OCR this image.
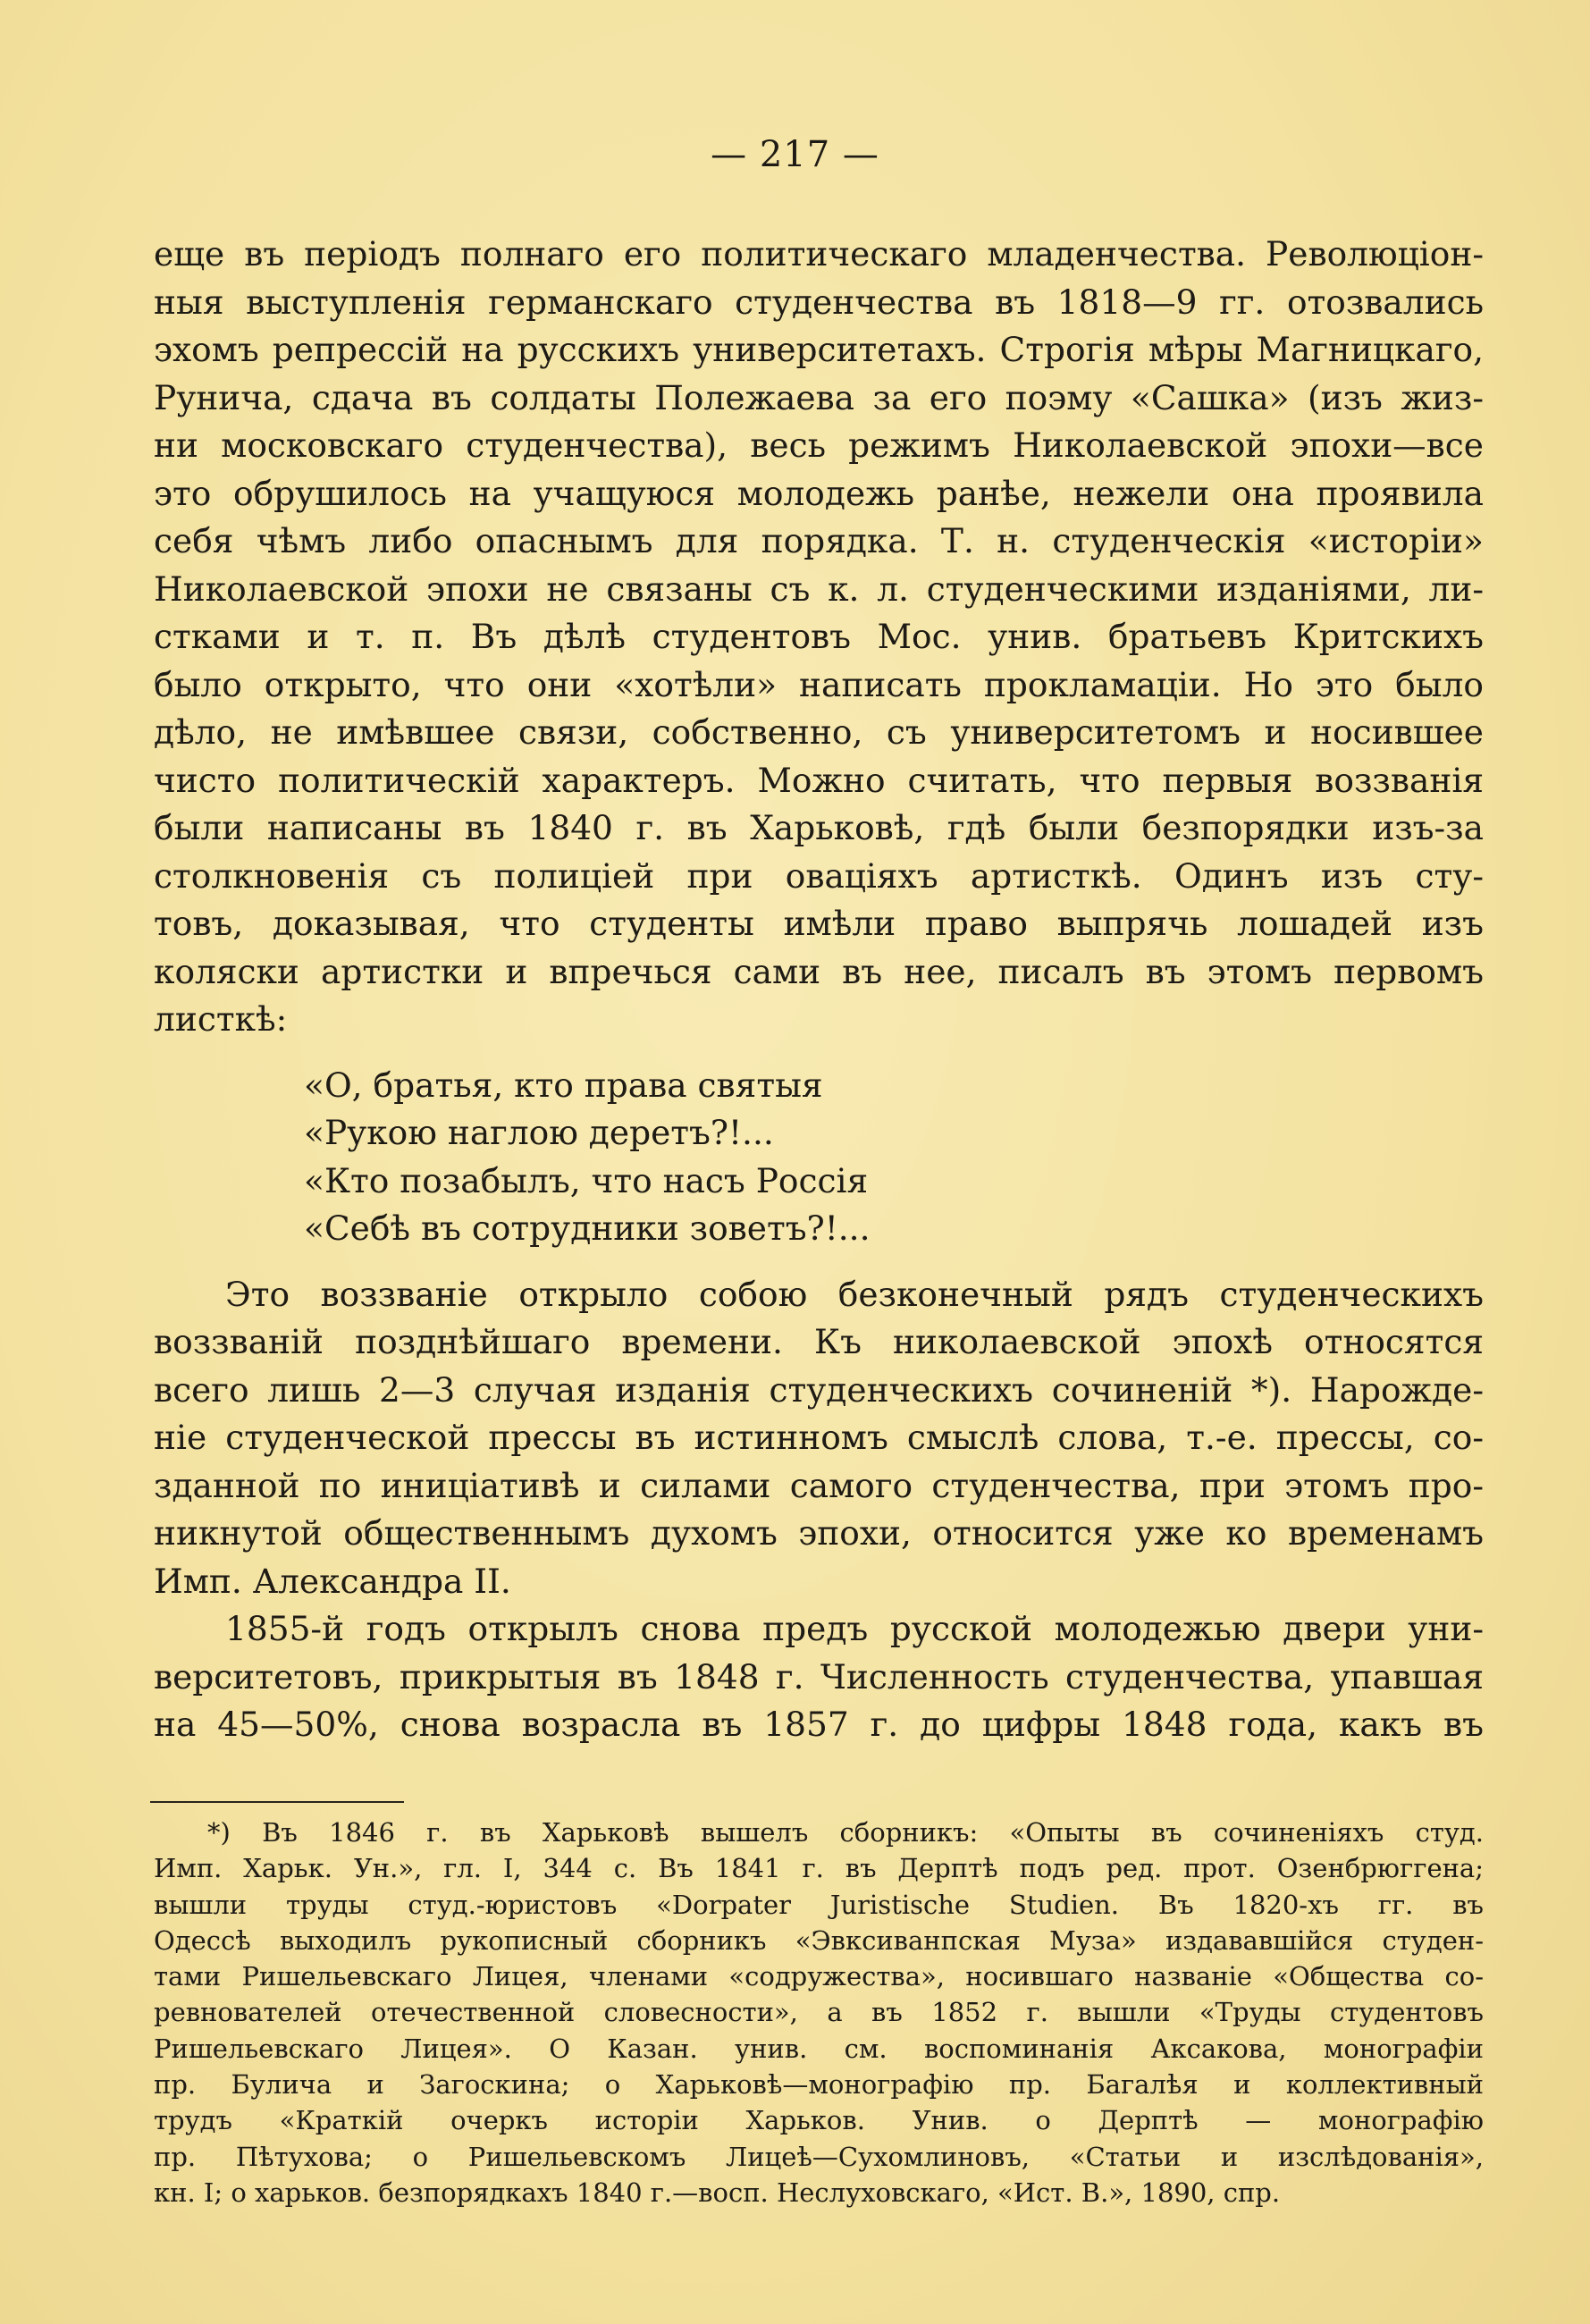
— 217 —

еще въ періодъ полнаго его политическаго младенчества. Революціон-
ныя выступленія германскаго студенчества въ 1818—9 гг. отозвались
эхомъ репрессій на русскихъ университетахъ. Строгія мѣры Магницкаго,
Рунича, сдача въ солдаты Полежаева за его поэму «Сашка» (изъ жиз-
ни московскаго студенчества), весь режимъ Николаевской эпохи—все
это обрушилось на учащуюся молодежь ранѣе, нежели она проявила
себя чѣмъ либо опаснымъ для порядка. Т. н. студенческія «исторіи»
Николаевской эпохи не связаны съ к. л. студенческими изданіями, ли-
стками и т. п. Въ дѣлѣ студентовъ Мос. унив. братьевъ Критскихъ
было открыто, что они «хотѣли» написать прокламаціи. Но это было
дѣло, не имѣвшее связи, собственно, съ университетомъ и носившее
чисто политическій характеръ. Можно считать, что первыя воззванія
были написаны въ 1840 г. въ Харьковѣ, гдѣ были безпорядки изъ-за
столкновенія съ полиціей при оваціяхъ артисткѣ. Одинъ изъ сту-
товъ, доказывая, что студенты имѣли право выпрячь лошадей изъ
коляски артистки и впречься сами въ нее, писалъ въ этомъ первомъ
листкѣ:

«О, братья, кто права святыя
«Рукою наглою деретъ?!...
«Кто позабылъ, что насъ Россія
«Себѣ въ сотрудники зоветъ?!...

Это воззваніе открыло собою безконечный рядъ студенческихъ
воззваній позднѣйшаго времени. Къ николаевской эпохѣ относятся
всего лишь 2—3 случая изданія студенческихъ сочиненій *). Нарожде-
ніе студенческой прессы въ истинномъ смыслѣ слова, т.-е. прессы, со-
зданной по иниціативѣ и силами самого студенчества, при этомъ про-
никнутой общественнымъ духомъ эпохи, относится уже ко временамъ
Имп. Александра II.

1855-й годъ открылъ снова предъ русской молодежью двери уни-
верситетовъ, прикрытыя въ 1848 г. Численность студенчества, упавшая
на 45—50%, снова возрасла въ 1857 г. до цифры 1848 года, какъ въ

*) Въ 1846 г. въ Харьковѣ вышелъ сборникъ: «Опыты въ сочиненіяхъ студ.
Имп. Харьк. Ун.», гл. I, 344 с. Въ 1841 г. въ Дерптѣ подъ ред. прот. Озенбрюггена;
вышли труды студ.-юристовъ «Dorpater Juristische Studien. Въ 1820-хъ гг. въ
Одессѣ выходилъ рукописный сборникъ «Эвксиванпская Муза» издававшійся студен-
тами Ришельевскаго Лицея, членами «содружества», носившаго названіе «Общества со-
ревнователей отечественной словесности», а въ 1852 г. вышли «Труды студентовъ
Ришельевскаго Лицея». О Казан. унив. см. воспоминанія Аксакова, монографіи
пр. Булича и Загоскина; о Харьковѣ—монографію пр. Багалѣя и коллективный
трудъ «Краткій очеркъ исторіи Харьков. Унив. о Дерптѣ — монографію
пр. Пѣтухова; о Ришельевскомъ Лицеѣ—Сухомлиновъ, «Статьи и изслѣдованія»,
кн. I; о харьков. безпорядкахъ 1840 г.—восп. Неслуховскаго, «Ист. В.», 1890, спр.
